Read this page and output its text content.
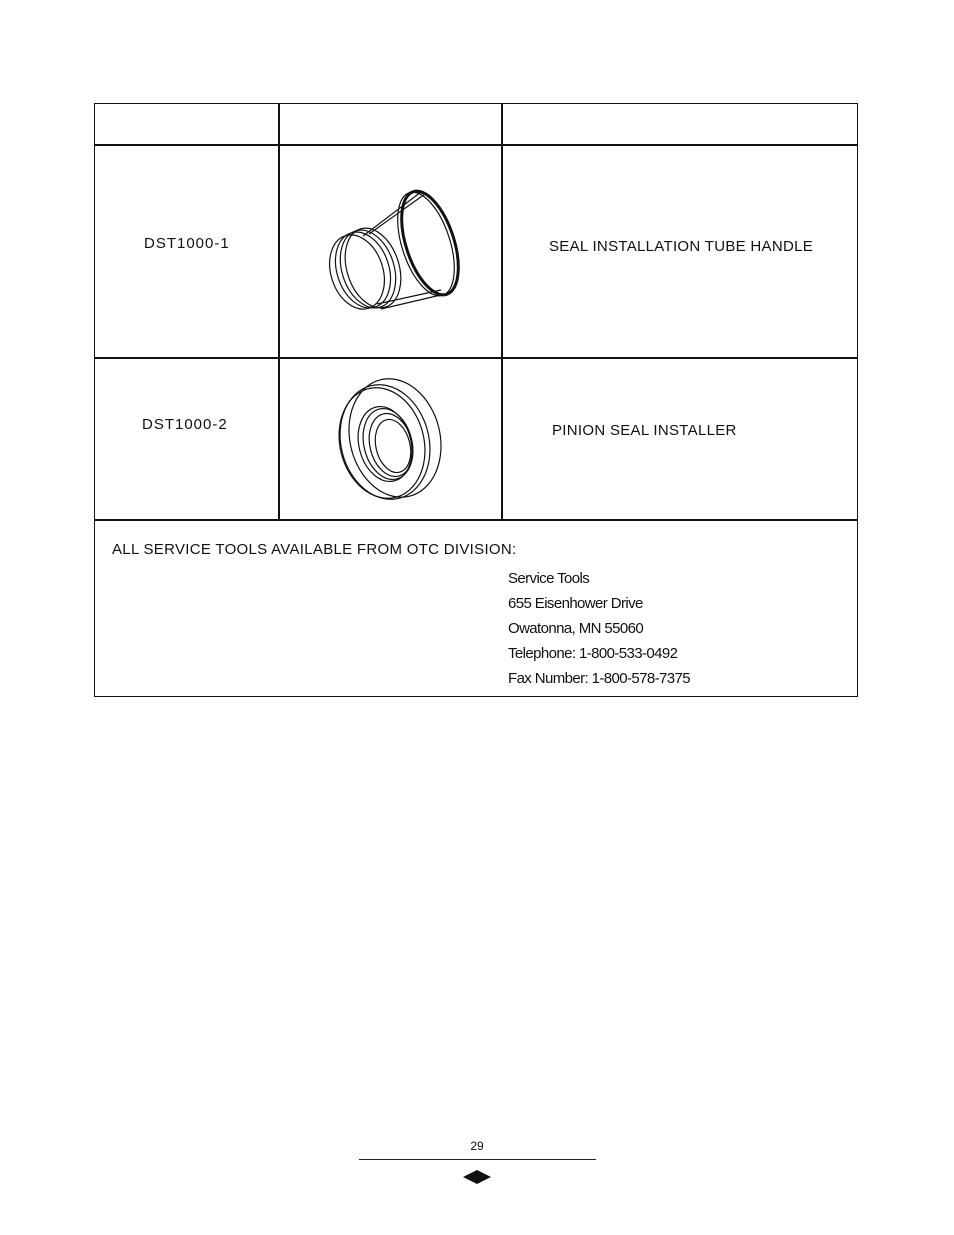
DST1000-1	SEAL INSTALLATION TUBE HANDLE
DST1000-2	PINION SEAL INSTALLER
ALL SERVICE TOOLS AVAILABLE FROM OTC DIVISION:
Service Tools
655 Eisenhower Drive
Owatonna, MN 55060
Telephone: 1-800-533-0492
Fax Number: 1-800-578-7375
29
